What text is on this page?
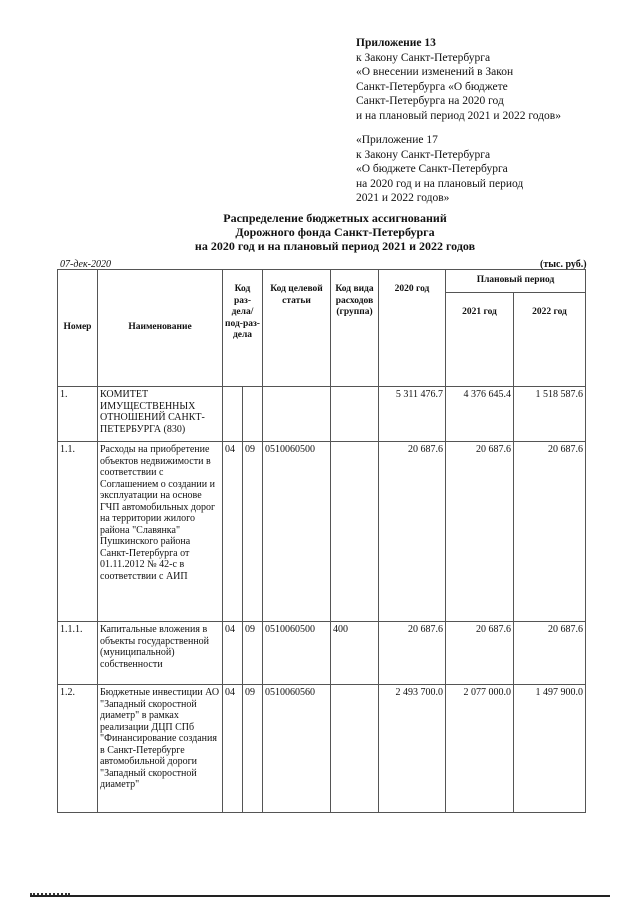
Приложение 13
к Закону Санкт-Петербурга
«О внесении изменений в Закон
Санкт-Петербурга «О бюджете
Санкт-Петербурга на 2020 год
и на плановый период 2021 и 2022 годов»
«Приложение 17
к Закону Санкт-Петербурга
«О бюджете Санкт-Петербурга
на 2020 год и на плановый период
2021 и 2022 годов»
Распределение бюджетных ассигнований
Дорожного фонда Санкт-Петербурга
на 2020 год и на плановый период 2021 и 2022 годов
07-дек-2020	(тыс. руб.)
Номер	Наименование	Код раз-дела/ под-раз-дела		Код целевой статьи	Код вида расходов (группа)	2020 год	Плановый период	
							2021 год	2022 год
1.	КОМИТЕТ ИМУЩЕСТВЕННЫХ ОТНОШЕНИЙ САНКТ-ПЕТЕРБУРГА (830)					5 311 476.7	4 376 645.4	1 518 587.6
1.1.	Расходы на приобретение объектов недвижимости в соответствии с Соглашением о создании и эксплуатации на основе ГЧП автомобильных дорог на территории жилого района "Славянка" Пушкинского района Санкт-Петербурга от 01.11.2012 № 42-с в соответствии с АИП	04	09	0510060500		20 687.6	20 687.6	20 687.6
1.1.1.	Капитальные вложения в объекты государственной (муниципальной) собственности	04	09	0510060500	400	20 687.6	20 687.6	20 687.6
1.2.	Бюджетные инвестиции АО "Западный скоростной диаметр" в рамках реализации ДЦП СПб "Финансирование создания в Санкт-Петербурге автомобильной дороги "Западный скоростной диаметр"	04	09	0510060560		2 493 700.0	2 077 000.0	1 497 900.0
